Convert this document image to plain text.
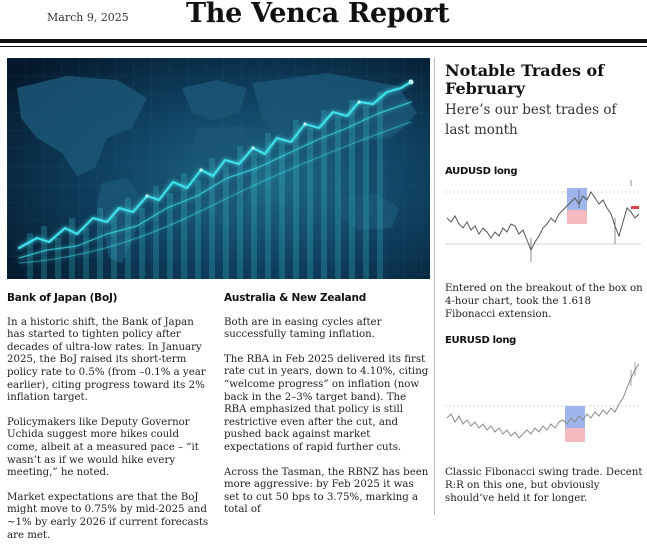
March 9, 2025 The Venca Report
Bank of Japan (BoJ)

In a historic shift, the Bank of Japan has started to tighten policy after decades of ultra-low rates. In January 2025, the BoJ raised its short-term policy rate to 0.5% (from –0.1% a year earlier), citing progress toward its 2% inflation target.

Policymakers like Deputy Governor Uchida suggest more hikes could come, albeit at a measured pace – “it wasn’t as if we would hike every meeting,” he noted.

Market expectations are that the BoJ might move to 0.75% by mid-2025 and ~1% by early 2026 if current forecasts are met.

Australia & New Zealand

Both are in easing cycles after successfully taming inflation.

The RBA in Feb 2025 delivered its first rate cut in years, down to 4.10%, citing “welcome progress” on inflation (now back in the 2–3% target band). The RBA emphasized that policy is still restrictive even after the cut, and pushed back against market expectations of rapid further cuts.

Across the Tasman, the RBNZ has been more aggressive: by Feb 2025 it was set to cut 50 bps to 3.75%, marking a total of

Notable Trades of February
Here’s our best trades of last month
AUDUSD long
Entered on the breakout of the box on 4-hour chart, took the 1.618 Fibonacci extension.
EURUSD long
Classic Fibonacci swing trade. Decent R:R on this one, but obviously should’ve held it for longer.
